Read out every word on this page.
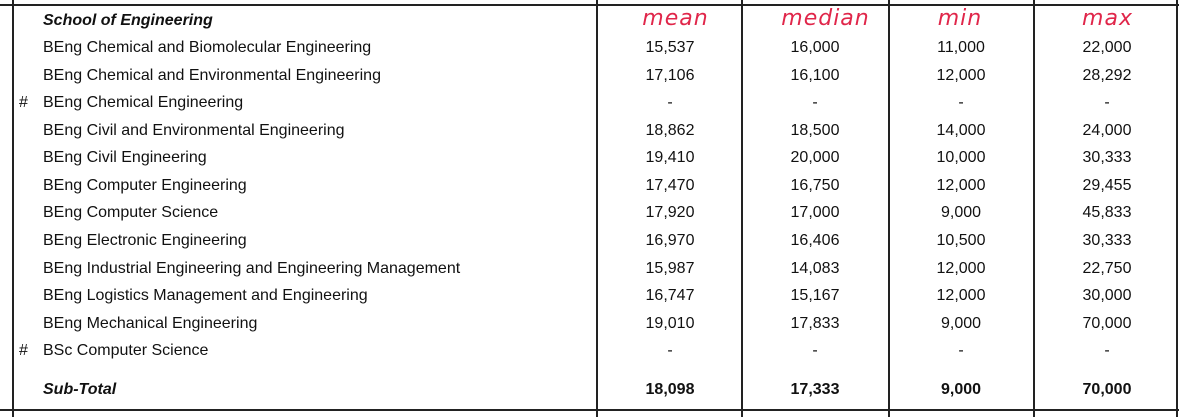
School of Engineering	mean	median	min	max
BEng Chemical and Biomolecular Engineering	15,537	16,000	11,000	22,000
BEng Chemical and Environmental Engineering	17,106	16,100	12,000	28,292
# BEng Chemical Engineering	-	-	-	-
BEng Civil and Environmental Engineering	18,862	18,500	14,000	24,000
BEng Civil Engineering	19,410	20,000	10,000	30,333
BEng Computer Engineering	17,470	16,750	12,000	29,455
BEng Computer Science	17,920	17,000	9,000	45,833
BEng Electronic Engineering	16,970	16,406	10,500	30,333
BEng Industrial Engineering and Engineering Management	15,987	14,083	12,000	22,750
BEng Logistics Management and Engineering	16,747	15,167	12,000	30,000
BEng Mechanical Engineering	19,010	17,833	9,000	70,000
# BSc Computer Science	-	-	-	-
Sub-Total	18,098	17,333	9,000	70,000
